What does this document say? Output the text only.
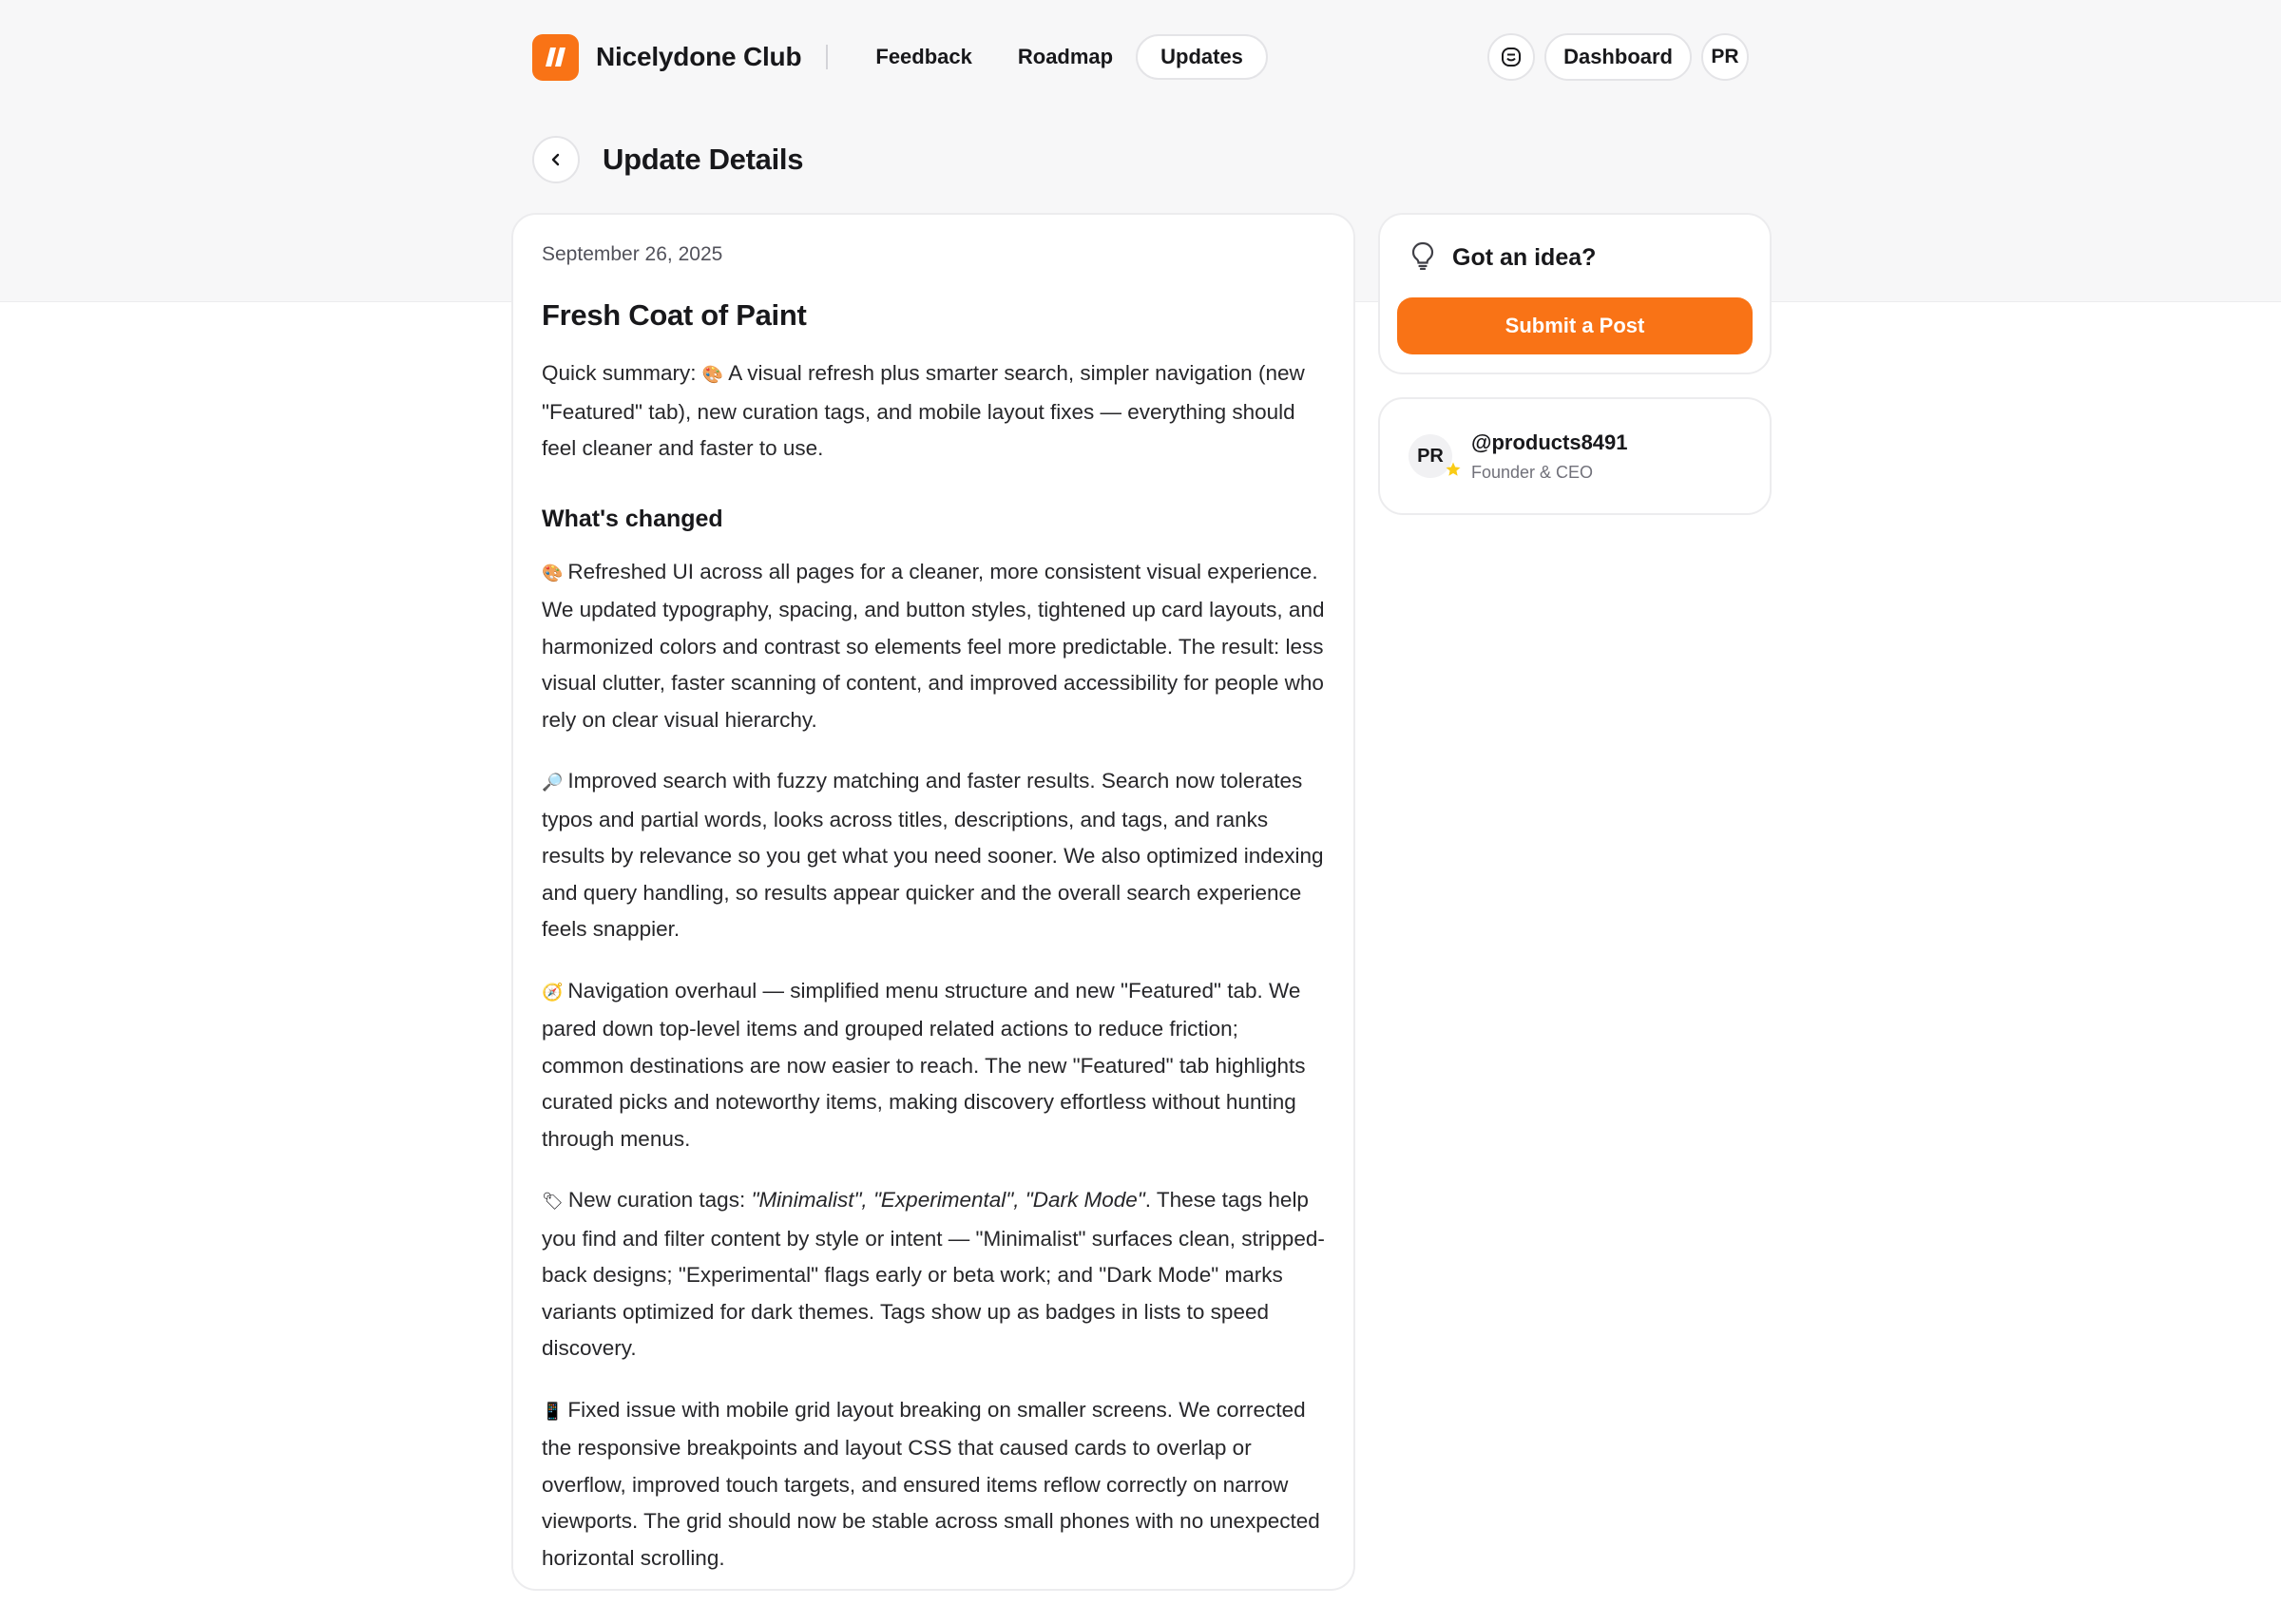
Nicelydone Club	Feedback	Roadmap	Updates	Dashboard	PR
Update Details
September 26, 2025
Fresh Coat of Paint

Quick summary: 🎨 A visual refresh plus smarter search, simpler navigation (new "Featured" tab), new curation tags, and mobile layout fixes — everything should feel cleaner and faster to use.

What's changed

🎨 Refreshed UI across all pages for a cleaner, more consistent visual experience. We updated typography, spacing, and button styles, tightened up card layouts, and harmonized colors and contrast so elements feel more predictable. The result: less visual clutter, faster scanning of content, and improved accessibility for people who rely on clear visual hierarchy.

🔎 Improved search with fuzzy matching and faster results. Search now tolerates typos and partial words, looks across titles, descriptions, and tags, and ranks results by relevance so you get what you need sooner. We also optimized indexing and query handling, so results appear quicker and the overall search experience feels snappier.

🧭 Navigation overhaul — simplified menu structure and new "Featured" tab. We pared down top-level items and grouped related actions to reduce friction; common destinations are now easier to reach. The new "Featured" tab highlights curated picks and noteworthy items, making discovery effortless without hunting through menus.

🏷 New curation tags: "Minimalist", "Experimental", "Dark Mode". These tags help you find and filter content by style or intent — "Minimalist" surfaces clean, stripped-back designs; "Experimental" flags early or beta work; and "Dark Mode" marks variants optimized for dark themes. Tags show up as badges in lists to speed discovery.

📱 Fixed issue with mobile grid layout breaking on smaller screens. We corrected the responsive breakpoints and layout CSS that caused cards to overlap or overflow, improved touch targets, and ensured items reflow correctly on narrow viewports. The grid should now be stable across small phones with no unexpected horizontal scrolling.

Got an idea?
Submit a Post
PR
@products8491
Founder & CEO
